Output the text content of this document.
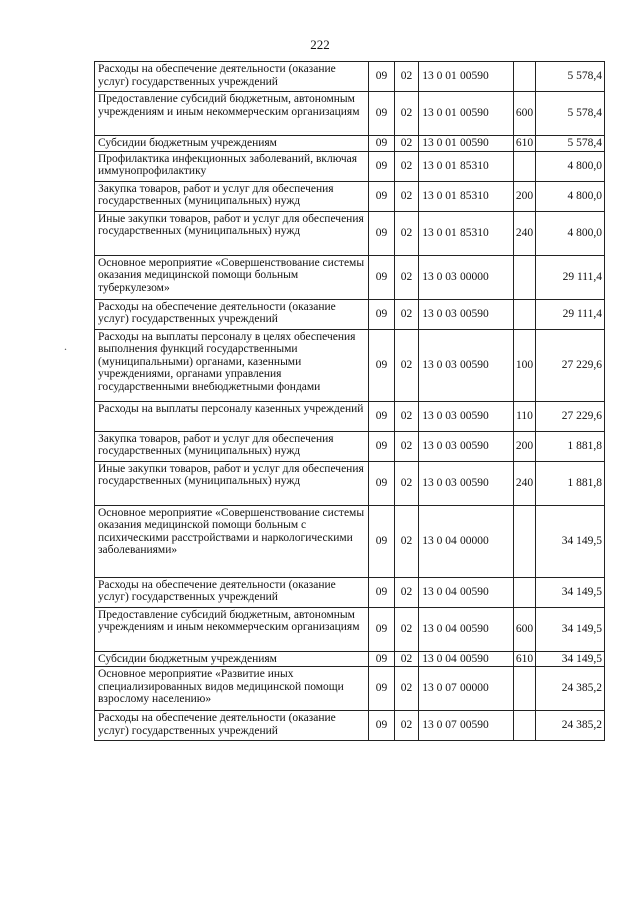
222
.
Расходы на обеспечение деятельности (оказание услуг) государственных учреждений	09	02	13 0 01 00590		5 578,4
Предоставление субсидий бюджетным, автономным учреждениям и иным некоммерческим организациям	09	02	13 0 01 00590	600	5 578,4
Субсидии бюджетным учреждениям	09	02	13 0 01 00590	610	5 578,4
Профилактика инфекционных заболеваний, включая иммунопрофилактику	09	02	13 0 01 85310		4 800,0
Закупка товаров, работ и услуг для обеспечения государственных (муниципальных) нужд	09	02	13 0 01 85310	200	4 800,0
Иные закупки товаров, работ и услуг для обеспечения государственных (муниципальных) нужд	09	02	13 0 01 85310	240	4 800,0
Основное мероприятие «Совершенствование системы оказания медицинской помощи больным туберкулезом»	09	02	13 0 03 00000		29 111,4
Расходы на обеспечение деятельности (оказание услуг) государственных учреждений	09	02	13 0 03 00590		29 111,4
Расходы на выплаты персоналу в целях обеспечения выполнения функций государственными (муниципальными) органами, казенными учреждениями, органами управления государственными внебюджетными фондами	09	02	13 0 03 00590	100	27 229,6
Расходы на выплаты персоналу казенных учреждений	09	02	13 0 03 00590	110	27 229,6
Закупка товаров, работ и услуг для обеспечения государственных (муниципальных) нужд	09	02	13 0 03 00590	200	1 881,8
Иные закупки товаров, работ и услуг для обеспечения государственных (муниципальных) нужд	09	02	13 0 03 00590	240	1 881,8
Основное мероприятие «Совершенствование системы оказания медицинской помощи больным с психическими расстройствами и наркологическими заболеваниями»	09	02	13 0 04 00000		34 149,5
Расходы на обеспечение деятельности (оказание услуг) государственных учреждений	09	02	13 0 04 00590		34 149,5
Предоставление субсидий бюджетным, автономным учреждениям и иным некоммерческим организациям	09	02	13 0 04 00590	600	34 149,5
Субсидии бюджетным учреждениям	09	02	13 0 04 00590	610	34 149,5
Основное мероприятие «Развитие иных специализированных видов медицинской помощи взрослому населению»	09	02	13 0 07 00000		24 385,2
Расходы на обеспечение деятельности (оказание услуг) государственных учреждений	09	02	13 0 07 00590		24 385,2
